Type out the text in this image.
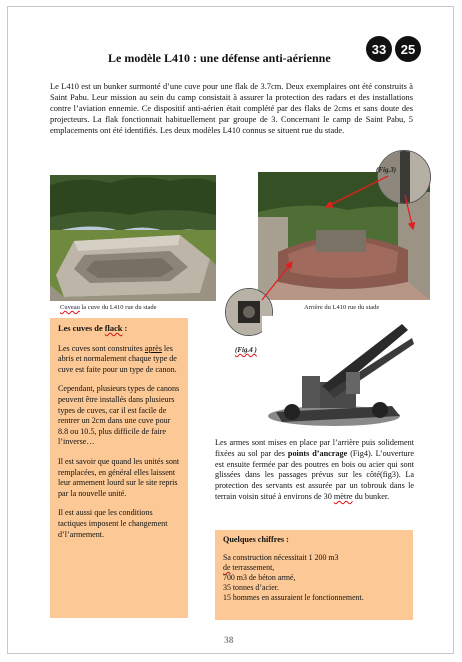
Le modèle L410 : une défense anti-aérienne
33	25
Le L410 est un bunker surmonté d’une cuve pour une flak de 3.7cm. Deux exemplaires ont été construits à Saint Pabu. Leur mission au sein du camp consistait à assurer la protection des radars et des installations contre l’aviation ennemie. Ce dispositif anti-aérien était complété par des flaks de 2cms et sans doute des projecteurs. La flak fonctionnait habituellement par groupe de 3. Concernant le camp de Saint Pabu, 5 emplacements ont été identifiés. Les deux modèles L410 connus se situent rue du stade.
(Fig.3)
(Fig.4 )
Cuveau la cuve du L410 rue du stade	Arrière du L410 rue du stade
Les cuves de flack :

Les cuves sont construites après les abris et normalement chaque type de cuve est faite pour un type de canon.

Cependant, plusieurs types de canons peuvent être installés dans plusieurs types de cuves, car il est facile de rentrer un 2cm dans une cuve pour 8.8 ou 10.5, plus difficile de faire l’inverse…

Il est savoir que quand les unités sont remplacées, en général elles laissent leur armement lourd sur le site repris par la nouvelle unité.

Il est aussi que les conditions tactiques imposent le changement d’l’armement.

Les armes sont mises en place par l’arrière puis solidement fixées au sol par des points d’ancrage (Fig4). L’ouverture est ensuite fermée par des poutres en bois ou acier qui sont glissées dans les passages prévus sur les côté(fig3). La protection des servants est assurée par un tobrouk dans le terrain voisin situé à environs de 30 mètre du bunker.
Quelques chiffres :
Sa construction nécessitait 1 200 m3
de terrassement,
700 m3 de béton armé,
35 tonnes d’acier.
15 hommes en assuraient le fonctionnement.
38
